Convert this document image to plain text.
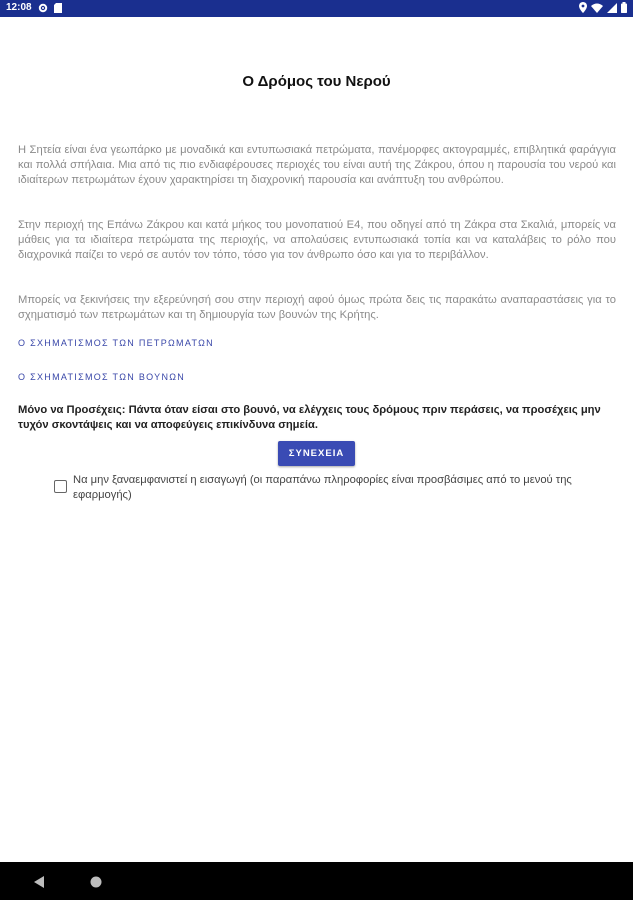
12:08
Ο Δρόμος του Νερού

Η Σητεία είναι ένα γεωπάρκο με μοναδικά και εντυπωσιακά πετρώματα, πανέμορφες ακτογραμμές, επιβλητικά φαράγγια και πολλά σπήλαια. Μια από τις πιο ενδιαφέρουσες περιοχές του είναι αυτή της Ζάκρου, όπου η παρουσία του νερού και ιδιαίτερων πετρωμάτων έχουν χαρακτηρίσει τη διαχρονική παρουσία και ανάπτυξη του ανθρώπου.

Στην περιοχή της Επάνω Ζάκρου και κατά μήκος του μονοπατιού Ε4, που οδηγεί από τη Ζάκρα στα Σκαλιά, μπορείς να μάθεις για τα ιδιαίτερα πετρώματα της περιοχής, να απολαύσεις εντυπωσιακά τοπία και να καταλάβεις το ρόλο που διαχρονικά παίζει το νερό σε αυτόν τον τόπο, τόσο για τον άνθρωπο όσο και για το περιβάλλον.

Μπορείς να ξεκινήσεις την εξερεύνησή σου στην περιοχή αφού όμως πρώτα δεις τις παρακάτω αναπαραστάσεις για το σχηματισμό των πετρωμάτων και τη δημιουργία των βουνών της Κρήτης.

Ο ΣΧΗΜΑΤΙΣΜΟΣ ΤΩΝ ΠΕΤΡΩΜΑΤΩΝ
Ο ΣΧΗΜΑΤΙΣΜΟΣ ΤΩΝ ΒΟΥΝΩΝ

Μόνο να Προσέχεις: Πάντα όταν είσαι στο βουνό, να ελέγχεις τους δρόμους πριν περάσεις, να προσέχεις μην τυχόν σκοντάψεις και να αποφεύγεις επικίνδυνα σημεία.

ΣΥΝΕΧΕΙΑ
Να μην ξαναεμφανιστεί η εισαγωγή (οι παραπάνω πληροφορίες είναι προσβάσιμες από το μενού της εφαρμογής)
